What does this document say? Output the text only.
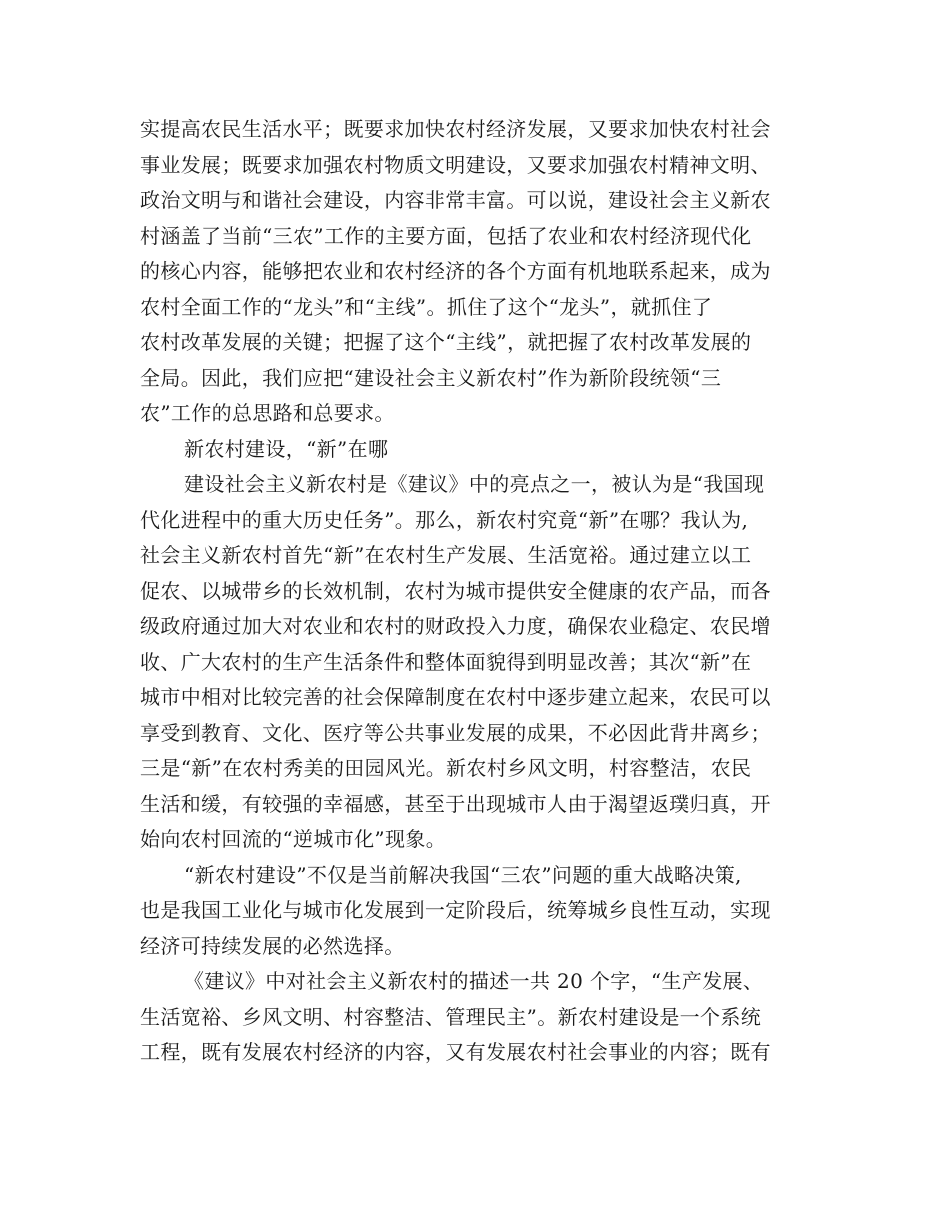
实提高农民生活水平；既要求加快农村经济发展，又要求加快农村社会
事业发展；既要求加强农村物质文明建设，又要求加强农村精神文明、
政治文明与和谐社会建设，内容非常丰富。可以说，建设社会主义新农
村涵盖了当前“三农”工作的主要方面，包括了农业和农村经济现代化
的核心内容，能够把农业和农村经济的各个方面有机地联系起来，成为
农村全面工作的“龙头”和“主线”。抓住了这个“龙头”，就抓住了
农村改革发展的关键；把握了这个“主线”，就把握了农村改革发展的
全局。因此，我们应把“建设社会主义新农村”作为新阶段统领“三
农”工作的总思路和总要求。
新农村建设，“新”在哪
建设社会主义新农村是《建议》中的亮点之一，被认为是“我国现
代化进程中的重大历史任务”。那么，新农村究竟“新”在哪？我认为,
社会主义新农村首先“新”在农村生产发展、生活宽裕。通过建立以工
促农、以城带乡的长效机制，农村为城市提供安全健康的农产品，而各
级政府通过加大对农业和农村的财政投入力度，确保农业稳定、农民增
收、广大农村的生产生活条件和整体面貌得到明显改善；其次“新”在
城市中相对比较完善的社会保障制度在农村中逐步建立起来，农民可以
享受到教育、文化、医疗等公共事业发展的成果，不必因此背井离乡；
三是“新”在农村秀美的田园风光。新农村乡风文明，村容整洁，农民
生活和缓，有较强的幸福感，甚至于出现城市人由于渴望返璞归真，开
始向农村回流的“逆城市化”现象。
“新农村建设”不仅是当前解决我国“三农”问题的重大战略决策,
也是我国工业化与城市化发展到一定阶段后，统筹城乡良性互动，实现
经济可持续发展的必然选择。
《建议》中对社会主义新农村的描述一共 20 个字，“生产发展、
生活宽裕、乡风文明、村容整洁、管理民主”。新农村建设是一个系统
工程，既有发展农村经济的内容，又有发展农村社会事业的内容；既有
